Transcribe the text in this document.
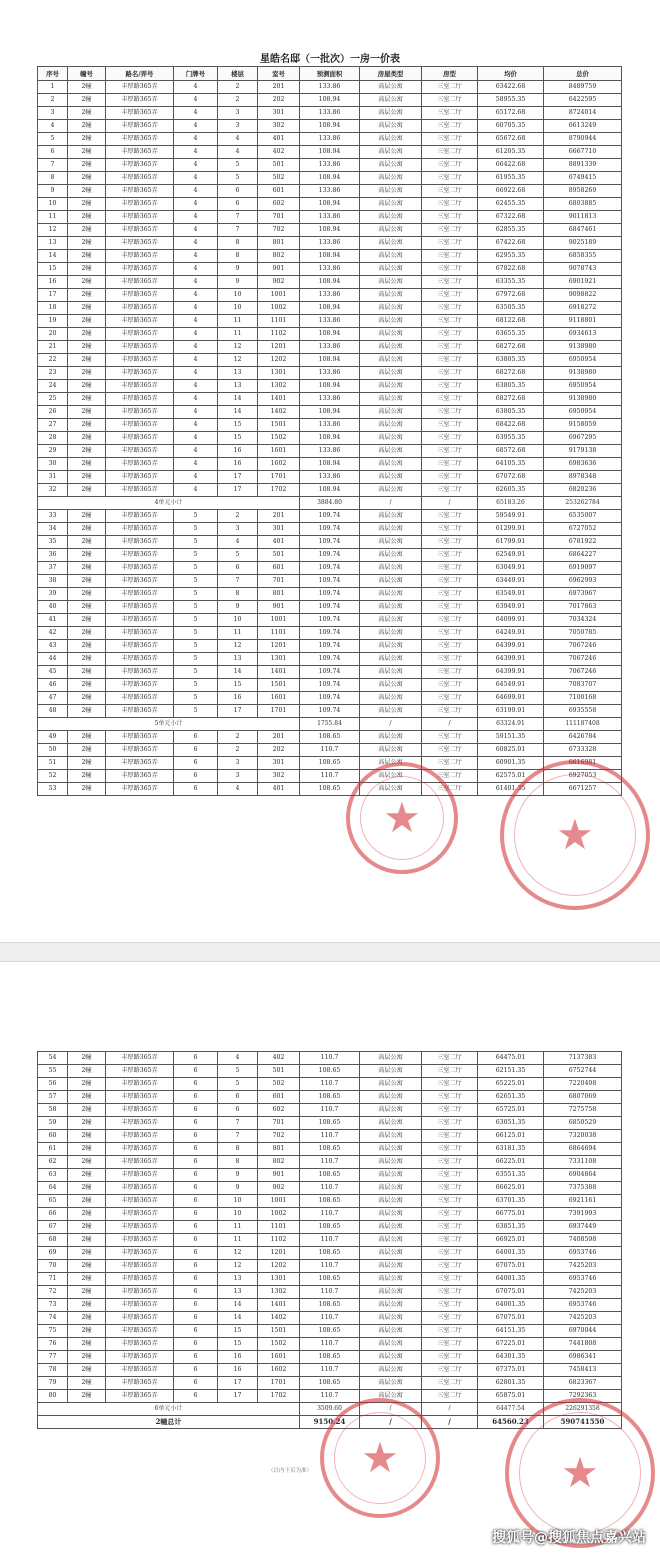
星皓名邸（一批次）一房一价表
序号	幢号	路名/弄号	门牌号	楼层	室号	预测面积	房屋类型	房型	均价	总价
1	2幢	丰厚路365弄	4	2	201	133.86	高层公寓	三室二厅	63422.68	8489759
2	2幢	丰厚路365弄	4	2	202	108.94	高层公寓	三室二厅	58955.35	6422595
3	2幢	丰厚路365弄	4	3	301	133.86	高层公寓	三室二厅	65172.68	8724014
4	2幢	丰厚路365弄	4	3	302	108.94	高层公寓	三室二厅	60705.35	6613249
5	2幢	丰厚路365弄	4	4	401	133.86	高层公寓	三室二厅	65672.68	8790944
6	2幢	丰厚路365弄	4	4	402	108.94	高层公寓	三室二厅	61205.35	6667710
7	2幢	丰厚路365弄	4	5	501	133.86	高层公寓	三室二厅	66422.68	8891339
8	2幢	丰厚路365弄	4	5	502	108.94	高层公寓	三室二厅	61955.35	6749415
9	2幢	丰厚路365弄	4	6	601	133.86	高层公寓	三室二厅	66922.68	8958269
10	2幢	丰厚路365弄	4	6	602	108.94	高层公寓	三室二厅	62455.35	6803885
11	2幢	丰厚路365弄	4	7	701	133.86	高层公寓	三室二厅	67322.68	9011813
12	2幢	丰厚路365弄	4	7	702	108.94	高层公寓	三室二厅	62855.35	6847461
13	2幢	丰厚路365弄	4	8	801	133.86	高层公寓	三室二厅	67422.68	9025189
14	2幢	丰厚路365弄	4	8	802	108.94	高层公寓	三室二厅	62955.35	6858355
15	2幢	丰厚路365弄	4	9	901	133.86	高层公寓	三室二厅	67822.68	9078743
16	2幢	丰厚路365弄	4	9	902	108.94	高层公寓	三室二厅	63355.35	6901921
17	2幢	丰厚路365弄	4	10	1001	133.86	高层公寓	三室二厅	67972.68	9098822
18	2幢	丰厚路365弄	4	10	1002	108.94	高层公寓	三室二厅	63505.35	6918272
19	2幢	丰厚路365弄	4	11	1101	133.86	高层公寓	三室二厅	68122.68	9118801
20	2幢	丰厚路365弄	4	11	1102	108.94	高层公寓	三室二厅	63655.35	6934613
21	2幢	丰厚路365弄	4	12	1201	133.86	高层公寓	三室二厅	68272.68	9138980
22	2幢	丰厚路365弄	4	12	1202	108.94	高层公寓	三室二厅	63805.35	6950954
23	2幢	丰厚路365弄	4	13	1301	133.86	高层公寓	三室二厅	68272.68	9138980
24	2幢	丰厚路365弄	4	13	1302	108.94	高层公寓	三室二厅	63805.35	6950954
25	2幢	丰厚路365弄	4	14	1401	133.86	高层公寓	三室二厅	68272.68	9138980
26	2幢	丰厚路365弄	4	14	1402	108.94	高层公寓	三室二厅	63805.35	6950954
27	2幢	丰厚路365弄	4	15	1501	133.86	高层公寓	三室二厅	68422.68	9158059
28	2幢	丰厚路365弄	4	15	1502	108.94	高层公寓	三室二厅	63955.35	6967295
29	2幢	丰厚路365弄	4	16	1601	133.86	高层公寓	三室二厅	68572.68	9179138
30	2幢	丰厚路365弄	4	16	1602	108.94	高层公寓	三室二厅	64105.35	6983636
31	2幢	丰厚路365弄	4	17	1701	133.86	高层公寓	三室二厅	67072.68	8978348
32	2幢	丰厚路365弄	4	17	1702	108.94	高层公寓	三室二厅	62605.35	6820236
4单元小计						3884.80	/	/	65183.26	253262784
33	2幢	丰厚路365弄	5	2	201	109.74	高层公寓	三室二厅	59549.91	6535007
34	2幢	丰厚路365弄	5	3	301	109.74	高层公寓	三室二厅	61299.91	6727052
35	2幢	丰厚路365弄	5	4	401	109.74	高层公寓	三室二厅	61799.91	6781922
36	2幢	丰厚路365弄	5	5	501	109.74	高层公寓	三室二厅	62549.91	6864227
37	2幢	丰厚路365弄	5	6	601	109.74	高层公寓	三室二厅	63049.91	6919097
38	2幢	丰厚路365弄	5	7	701	109.74	高层公寓	三室二厅	63449.91	6962993
39	2幢	丰厚路365弄	5	8	801	109.74	高层公寓	三室二厅	63549.91	6973967
40	2幢	丰厚路365弄	5	9	901	109.74	高层公寓	三室二厅	63949.91	7017863
41	2幢	丰厚路365弄	5	10	1001	109.74	高层公寓	三室二厅	64099.91	7034324
42	2幢	丰厚路365弄	5	11	1101	109.74	高层公寓	三室二厅	64249.91	7050785
43	2幢	丰厚路365弄	5	12	1201	109.74	高层公寓	三室二厅	64399.91	7067246
44	2幢	丰厚路365弄	5	13	1301	109.74	高层公寓	三室二厅	64399.91	7067246
45	2幢	丰厚路365弄	5	14	1401	109.74	高层公寓	三室二厅	64399.91	7067246
46	2幢	丰厚路365弄	5	15	1501	109.74	高层公寓	三室二厅	64549.91	7083707
47	2幢	丰厚路365弄	5	16	1601	109.74	高层公寓	三室二厅	64699.91	7100168
48	2幢	丰厚路365弄	5	17	1701	109.74	高层公寓	三室二厅	63199.91	6935558
5单元小计						1755.84	/	/	63324.91	111187408
49	2幢	丰厚路365弄	6	2	201	108.65	高层公寓	三室二厅	59151.35	6426784
50	2幢	丰厚路365弄	6	2	202	110.7	高层公寓	三室二厅	60825.01	6733328
51	2幢	丰厚路365弄	6	3	301	108.65	高层公寓	三室二厅	60901.35	6616981
52	2幢	丰厚路365弄	6	3	302	110.7	高层公寓	三室二厅	62575.01	6927053
53	2幢	丰厚路365弄	6	4	401	108.65	高层公寓	三室二厅	61401.35	6671257
★	★
54	2幢	丰厚路365弄	6	4	402	110.7	高层公寓	三室二厅	64475.01	7137383
55	2幢	丰厚路365弄	6	5	501	108.65	高层公寓	三室二厅	62151.35	6752744
56	2幢	丰厚路365弄	6	5	502	110.7	高层公寓	三室二厅	65225.01	7220408
57	2幢	丰厚路365弄	6	6	601	108.65	高层公寓	三室二厅	62651.35	6807069
58	2幢	丰厚路365弄	6	6	602	110.7	高层公寓	三室二厅	65725.01	7275758
59	2幢	丰厚路365弄	6	7	701	108.65	高层公寓	三室二厅	63051.35	6850529
60	2幢	丰厚路365弄	6	7	702	110.7	高层公寓	三室二厅	66125.01	7320038
61	2幢	丰厚路365弄	6	8	801	108.65	高层公寓	三室二厅	63181.35	6864694
62	2幢	丰厚路365弄	6	8	802	110.7	高层公寓	三室二厅	66225.01	7331108
63	2幢	丰厚路365弄	6	9	901	108.65	高层公寓	三室二厅	63551.35	6904864
64	2幢	丰厚路365弄	6	9	902	110.7	高层公寓	三室二厅	66625.01	7375388
65	2幢	丰厚路365弄	6	10	1001	108.65	高层公寓	三室二厅	63701.35	6921161
66	2幢	丰厚路365弄	6	10	1002	110.7	高层公寓	三室二厅	66775.01	7391993
67	2幢	丰厚路365弄	6	11	1101	108.65	高层公寓	三室二厅	63851.35	6937449
68	2幢	丰厚路365弄	6	11	1102	110.7	高层公寓	三室二厅	66925.01	7408598
69	2幢	丰厚路365弄	6	12	1201	108.65	高层公寓	三室二厅	64001.35	6953746
70	2幢	丰厚路365弄	6	12	1202	110.7	高层公寓	三室二厅	67075.01	7425203
71	2幢	丰厚路365弄	6	13	1301	108.65	高层公寓	三室二厅	64001.35	6953746
72	2幢	丰厚路365弄	6	13	1302	110.7	高层公寓	三室二厅	67075.01	7425203
73	2幢	丰厚路365弄	6	14	1401	108.65	高层公寓	三室二厅	64001.35	6953746
74	2幢	丰厚路365弄	6	14	1402	110.7	高层公寓	三室二厅	67075.01	7425203
75	2幢	丰厚路365弄	6	15	1501	108.65	高层公寓	三室二厅	64151.35	6970044
76	2幢	丰厚路365弄	6	15	1502	110.7	高层公寓	三室二厅	67225.01	7441808
77	2幢	丰厚路365弄	6	16	1601	108.65	高层公寓	三室二厅	64301.35	6986341
78	2幢	丰厚路365弄	6	16	1602	110.7	高层公寓	三室二厅	67375.01	7458413
79	2幢	丰厚路365弄	6	17	1701	108.65	高层公寓	三室二厅	62801.35	6823367
80	2幢	丰厚路365弄	6	17	1702	110.7	高层公寓	三室二厅	65875.01	7292363
6单元小计						3509.60	/	/	64477.54	226291358
2幢总计						9150.24	/	/	64560.23	590741550
（以内下页为准） ★	★
搜狐号@搜狐焦点嘉兴站
